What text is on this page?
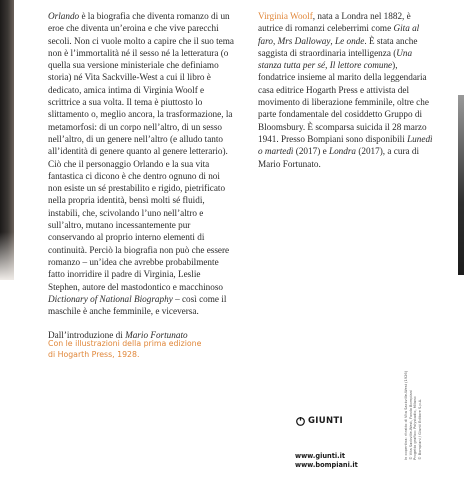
Orlando è la biografia che diventa romanzo di un eroe che diventa un’eroina e che vive parecchi secoli. Non ci vuole molto a capire che il suo tema non è l’immortalità né il sesso né la letteratura (o quella sua versione ministeriale che definiamo storia) né Vita Sackville-West a cui il libro è dedicato, amica intima di Virginia Woolf e scrittrice a sua volta. Il tema è piuttosto lo slittamento o, meglio ancora, la trasformazione, la metamorfosi: di un corpo nell’altro, di un sesso nell’altro, di un genere nell’altro (e alludo tanto all’identità di genere quanto al genere letterario). Ciò che il personaggio Orlando e la sua vita fantastica ci dicono è che dentro ognuno di noi non esiste un sé prestabilito e rigido, pietrificato nella propria identità, bensì molti sé fluidi, instabili, che, scivolando l’uno nell’altro e sull’altro, mutano incessantemente pur conservando al proprio interno elementi di continuità. Perciò la biografia non può che essere romanzo – un’idea che avrebbe probabilmente fatto inorridire il padre di Virginia, Leslie Stephen, autore del mastodontico e macchinoso Dictionary of National Biography – così come il maschile è anche femminile, e viceversa.

Dall’introduzione di Mario Fortunato

Virginia Woolf, nata a Londra nel 1882, è autrice di romanzi celeberrimi come Gita al faro, Mrs Dalloway, Le onde. È stata anche saggista di straordinaria intelligenza (Una stanza tutta per sé, Il lettore comune), fondatrice insieme al marito della leggendaria casa editrice Hogarth Press e attivista del movimento di liberazione femminile, oltre che parte fondamentale del cosiddetto Gruppo di Bloomsbury. È scomparsa suicida il 28 marzo 1941. Presso Bompiani sono disponibili Lunedì o martedì (2017) e Londra (2017), a cura di Mario Fortunato.

Con le illustrazioni della prima edizione
di Hogarth Press, 1928.
In copertina: ritratto di Vita Sackville-West (1926) © Vita Sackville-West, Fondo Bompiani Progetto grafico: Polystudio, Milano © Bompiani / Giunti Editore S.p.A.
GIUNTI
www.giunti.it
www.bompiani.it
